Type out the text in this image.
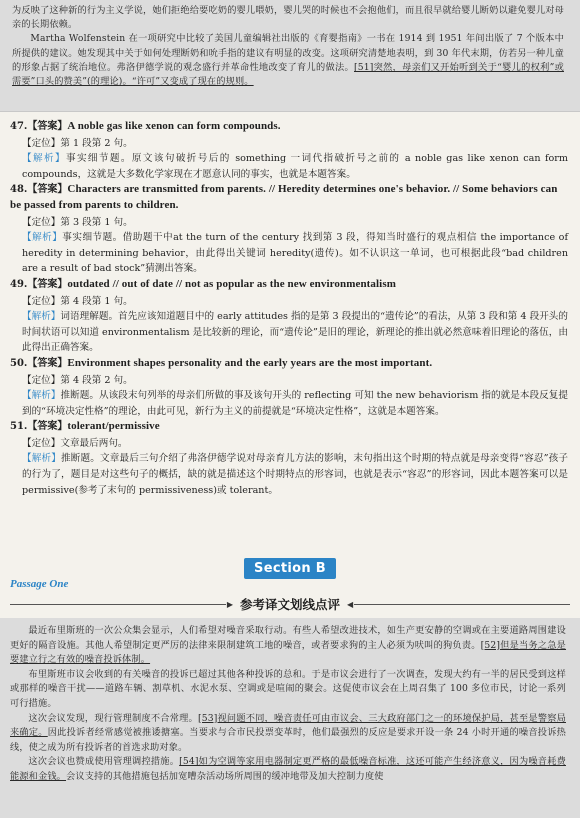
为反映了这种新的行为主义学说，她们拒绝给要吃奶的婴儿喂奶，婴儿哭的时候也不会抱他们，而且很早就给婴儿断奶以避免婴儿对母亲的长期依赖。

Martha Wolfenstein 在一项研究中比较了美国儿童编辑社出版的《育婴指南》一书在 1914 到 1951 年间出版了 7 个版本中所提供的建议。她发现其中关于如何处理断奶和吮手指的建议有明显的改变。这项研究清楚地表明，到 30 年代末期，仿若另一种儿童的形象占据了统治地位。弗洛伊德学说的观念盛行并革命性地改变了育儿的做法。[51]突然，母亲们又开始听到关于“婴儿的权利”或需要”口头的赞美”(的理论)。“许可”又变成了现在的规则。

47.【答案】A noble gas like xenon can form compounds.

【定位】第 1 段第 2 句。

【解析】事实细节题。原文该句破折号后的 something 一词代指破折号之前的 a noble gas like xenon can form compounds，这就是大多数化学家现在才愿意认同的事实，也就是本题答案。

48.【答案】Characters are transmitted from parents. // Heredity determines one's behavior. // Some behaviors can be passed from parents to children.

【定位】第 3 段第 1 句。

【解析】事实细节题。借助题干中at the turn of the century 找到第 3 段，得知当时盛行的观点相信 the importance of heredity in determining behavior，由此得出关键词 heredity(遗传)。如不认识这一单词，也可根据此段“bad children are a result of bad stock”猜测出答案。

49.【答案】outdated // out of date // not as popular as the new environmentalism

【定位】第 4 段第 1 句。

【解析】词语理解题。首先应该知道题目中的 early attitudes 指的是第 3 段提出的“遗传论”的看法，从第 3 段和第 4 段开头的时间状语可以知道 environmentalism 是比较新的理论，而“遗传论”是旧的理论，新理论的推出就必然意味着旧理论的落伍，由此得出正确答案。

50.【答案】Environment shapes personality and the early years are the most important.

【定位】第 4 段第 2 句。

【解析】推断题。从该段末句列举的母亲们所做的事及该句开头的 reflecting 可知 the new behaviorism 指的就是本段反复提到的“环境决定性格”的理论，由此可见，新行为主义的前提就是“环境决定性格”，这就是本题答案。

51.【答案】tolerant/permissive

【定位】文章最后两句。

【解析】推断题。文章最后三句介绍了弗洛伊德学说对母亲育儿方法的影响，末句指出这个时期的特点就是母亲变得“容忍”孩子的行为了，题目是对这些句子的概括，缺的就是描述这个时期特点的形容词，也就是表示“容忍”的形容词，因此本题答案可以是 permissive(参考了末句的 permissiveness)或 tolerant。

Section B
Passage One
▶ 参考译文划线点评 ◀

最近布里斯班的一次公众集会显示，人们希望对噪音采取行动。有些人希望改进技术，如生产更安静的空调或在主要道路周围建设更好的隔音设施。其他人希望制定更严厉的法律来限制建筑工地的噪音，或者要求狗的主人必须为吠叫的狗负责。[52]但是当务之急是要建立行之有效的噪音投诉体制。

布里斯班市议会收到的有关噪音的投诉已超过其他各种投诉的总和。于是市议会进行了一次调查，发现大约有一半的居民受到这样或那样的噪音干扰——道路车辆、割草机、水泥水泵、空调或是喧闹的聚会。这促使市议会在上周召集了 100 多位市民，讨论一系列可行措施。

这次会议发现，现行管理制度不合常理。[53]视问题不同，噪音责任可由市议会、三大政府部门之一的环境保护局，甚至是警察局来确定。因此投诉者经常感觉被推诿搪塞。当要求与合市民投票变革时，他们最强烈的反应是要求开设一条 24 小时开通的噪音投诉热线，使之成为所有投诉者的首选求助对象。

这次会议也赞成使用管理调控措施。[54]如为空调等家用电器制定更严格的最低噪音标准，这还可能产生经济意义，因为噪音耗费能源和金钱。会议支持的其他措施包括加宽嘈杂活动场所周围的缓冲地带及加大控制力度使
